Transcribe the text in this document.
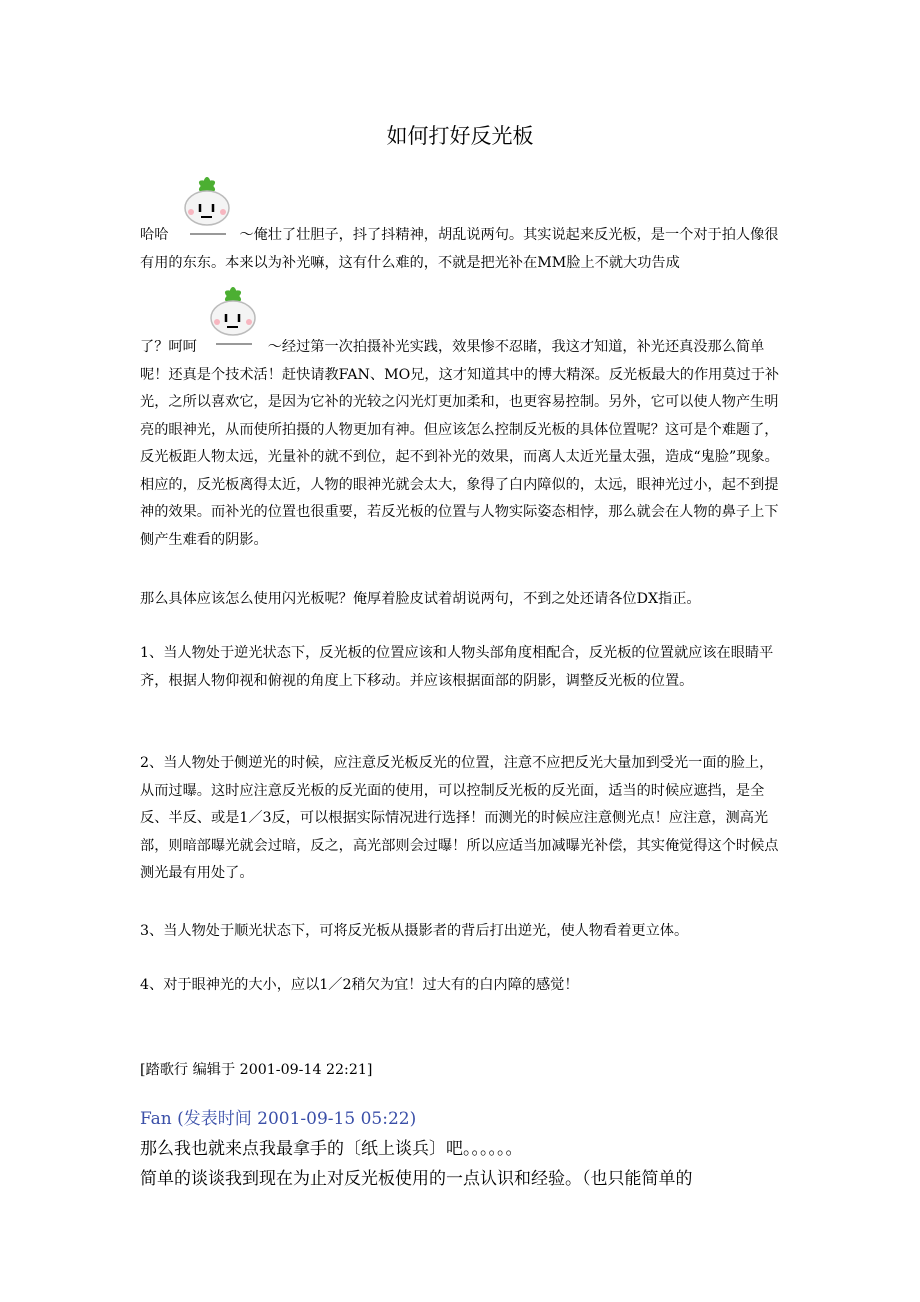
如何打好反光板

哈哈　　　　　～俺壮了壮胆子，抖了抖精神，胡乱说两句。其实说起来反光板，是一个对于拍人像很有用的东东。本来以为补光嘛，这有什么难的，不就是把光补在MM脸上不就大功告成

了？呵呵　　　　　～经过第一次拍摄补光实践，效果惨不忍睹，我这才知道，补光还真没那么简单呢！还真是个技术活！赶快请教FAN、MO兄，这才知道其中的博大精深。反光板最大的作用莫过于补光，之所以喜欢它，是因为它补的光较之闪光灯更加柔和，也更容易控制。另外，它可以使人物产生明亮的眼神光，从而使所拍摄的人物更加有神。但应该怎么控制反光板的具体位置呢？这可是个难题了，反光板距人物太远，光量补的就不到位，起不到补光的效果，而离人太近光量太强，造成“鬼脸”现象。相应的，反光板离得太近，人物的眼神光就会太大，象得了白内障似的，太远，眼神光过小，起不到提神的效果。而补光的位置也很重要，若反光板的位置与人物实际姿态相悖，那么就会在人物的鼻子上下侧产生难看的阴影。

那么具体应该怎么使用闪光板呢？俺厚着脸皮试着胡说两句，不到之处还请各位DX指正。

1、当人物处于逆光状态下，反光板的位置应该和人物头部角度相配合，反光板的位置就应该在眼睛平齐，根据人物仰视和俯视的角度上下移动。并应该根据面部的阴影，调整反光板的位置。

2、当人物处于侧逆光的时候，应注意反光板反光的位置，注意不应把反光大量加到受光一面的脸上，从而过曝。这时应注意反光板的反光面的使用，可以控制反光板的反光面，适当的时候应遮挡，是全反、半反、或是1／3反，可以根据实际情况进行选择！而测光的时候应注意侧光点！应注意，测高光部，则暗部曝光就会过暗，反之，高光部则会过曝！所以应适当加减曝光补偿，其实俺觉得这个时候点测光最有用处了。

3、当人物处于顺光状态下，可将反光板从摄影者的背后打出逆光，使人物看着更立体。

4、对于眼神光的大小，应以1／2稍欠为宜！过大有的白内障的感觉！

[踏歌行 编辑于 2001-09-14 22:21]

Fan (发表时间 2001-09-15 05:22)
那么我也就来点我最拿手的〔纸上谈兵〕吧。。。。。。
简单的谈谈我到现在为止对反光板使用的一点认识和经验。（也只能简单的
